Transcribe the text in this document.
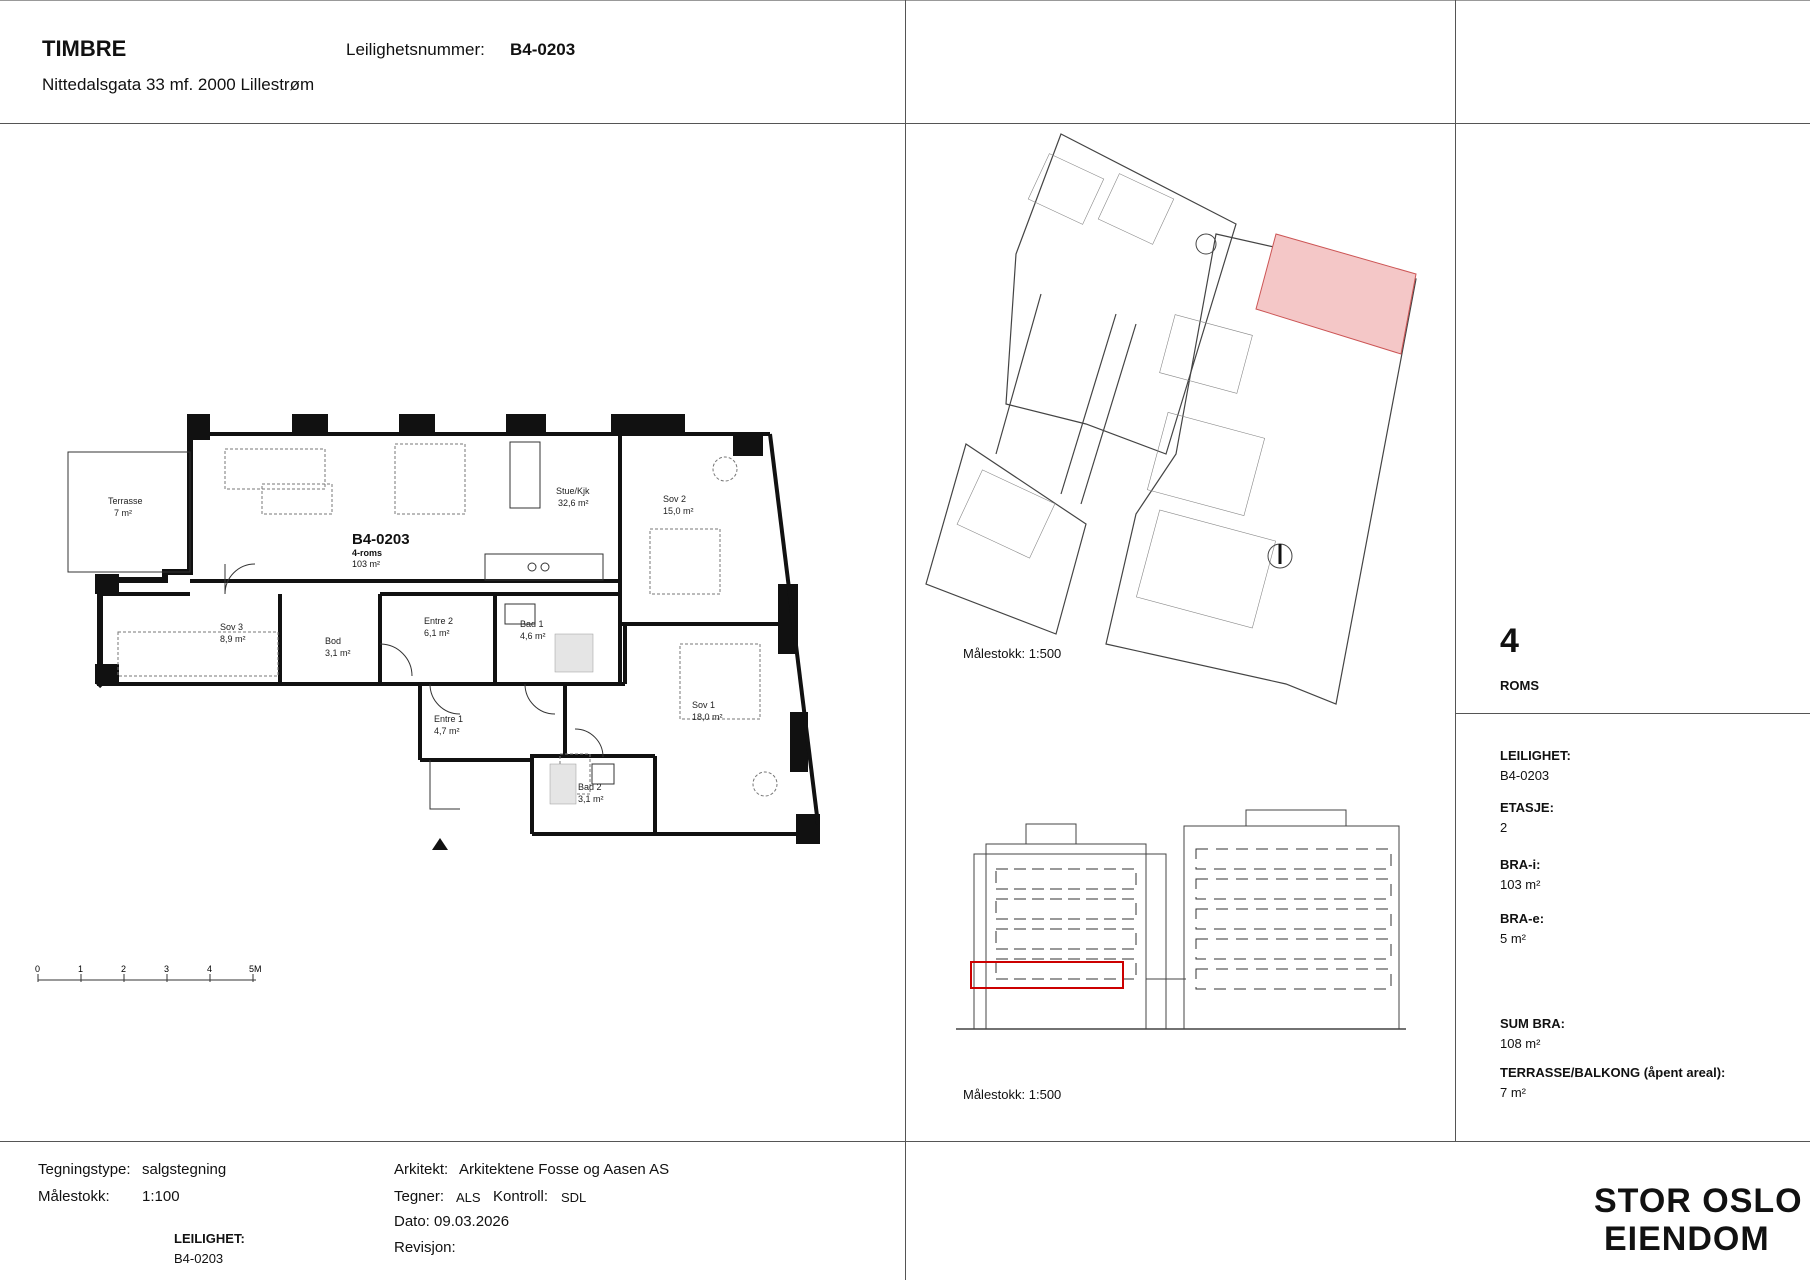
TIMBRE
Nittedalsgata 33 mf. 2000 Lillestrøm
Leilighetsnummer: B4-0203
Terrasse
7 m²
Stue/Kjk
32,6 m²	Sov 2
15,0 m²
Sov 3
8,9 m²	Bod
3,1 m²
Entre 2
6,1 m²
Bad 1
4,6 m²
Sov 1
18,0 m²
Entre 1
4,7 m²
Bad 2
3,1 m²
B4-0203
4-roms
103 m²
0	1	2	3	4	5M
Målestokk: 1:500
Målestokk: 1:500
4
ROMS
LEILIGHET:
B4-0203
ETASJE:
2
BRA-i:
103 m²
BRA-e:
5 m²
SUM BRA:
108 m²
TERRASSE/BALKONG (åpent areal):
7 m²
Tegningstype: salgstegning
Målestokk: 1:100
LEILIGHET:
B4-0203
Arkitekt: Arkitektene Fosse og Aasen AS
Tegner: ALS Kontroll: SDL
Dato: 09.03.2026
Revisjon:
STOR OSLO
EIENDOM
